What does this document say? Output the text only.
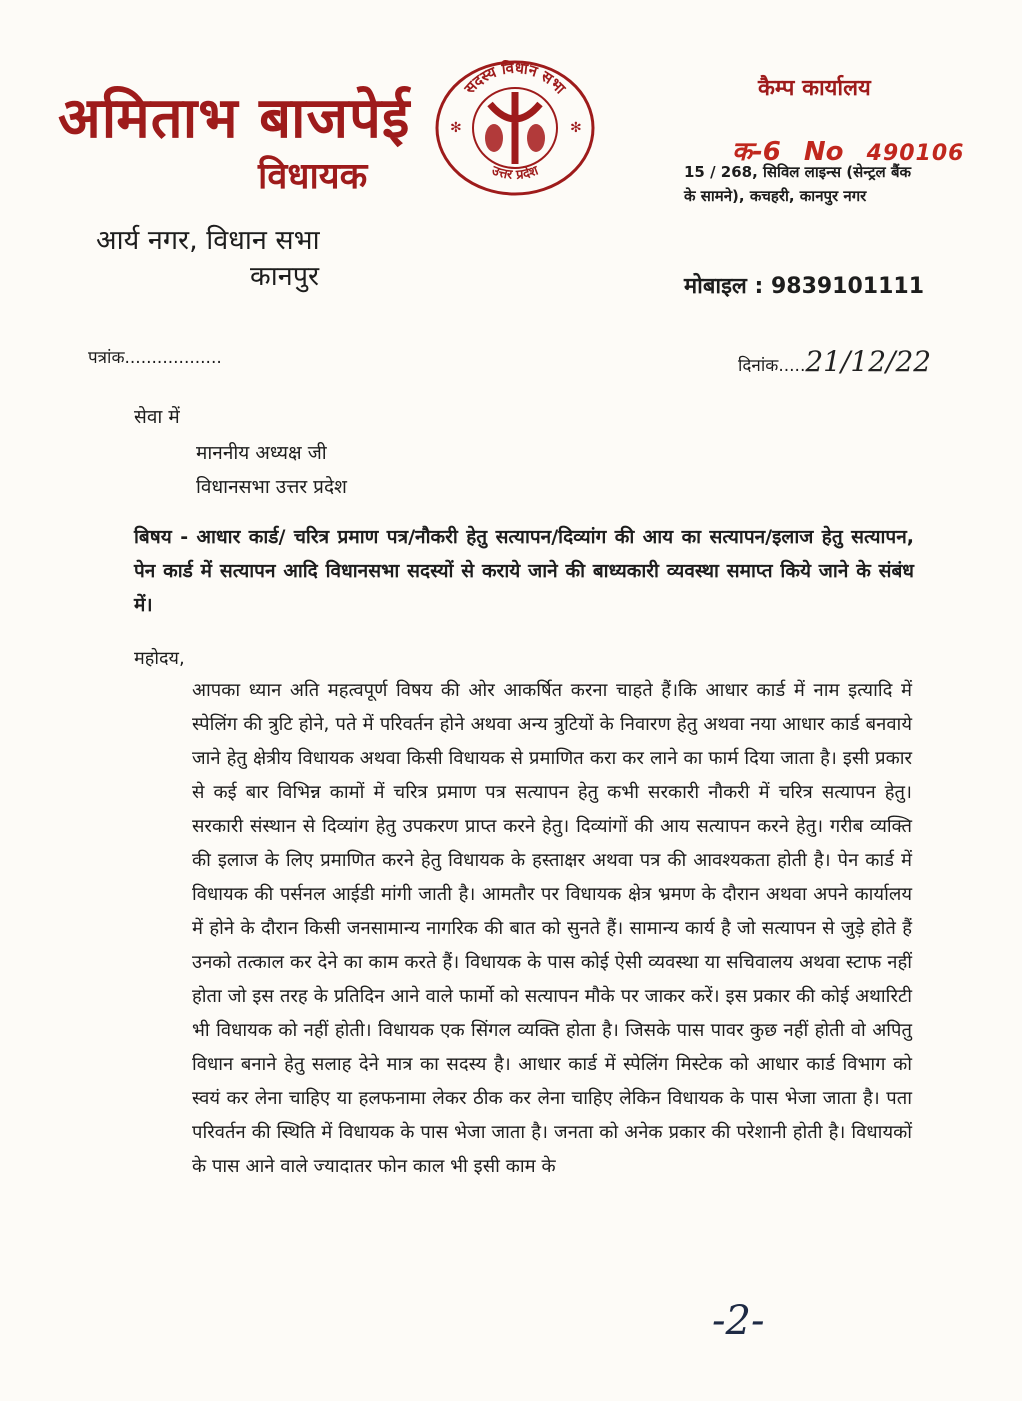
अमिताभ बाजपेई
विधायक
आर्य नगर, विधान सभा
कानपुर
सदस्य विधान सभा
उत्तर प्रदेश
✻	✻
कैम्प कार्यालय
क-6 No 490106
15 / 268, सिविल लाइन्स (सेन्ट्रल बैंक
के सामने), कचहरी, कानपुर नगर
मोबाइल : 9839101111
पत्रांक..................	दिनांक.....21/12/22
सेवा में
माननीय अध्यक्ष जी
विधानसभा उत्तर प्रदेश
बिषय - आधार कार्ड/ चरित्र प्रमाण पत्र/नौकरी हेतु सत्यापन/दिव्यांग की आय का सत्यापन/इलाज हेतु सत्यापन, पेन कार्ड में सत्यापन आदि विधानसभा सदस्यों से कराये जाने की बाध्यकारी व्यवस्था समाप्त किये जाने के संबंध में।
महोदय,
आपका ध्यान अति महत्वपूर्ण विषय की ओर आकर्षित करना चाहते हैं।कि आधार कार्ड में नाम इत्यादि में स्पेलिंग की त्रुटि होने, पते में परिवर्तन होने अथवा अन्य त्रुटियों के निवारण हेतु अथवा नया आधार कार्ड बनवाये जाने हेतु क्षेत्रीय विधायक अथवा किसी विधायक से प्रमाणित करा कर लाने का फार्म दिया जाता है। इसी प्रकार से कई बार विभिन्न कामों में चरित्र प्रमाण पत्र सत्यापन हेतु कभी सरकारी नौकरी में चरित्र सत्यापन हेतु। सरकारी संस्थान से दिव्यांग हेतु उपकरण प्राप्त करने हेतु। दिव्यांगों की आय सत्यापन करने हेतु। गरीब व्यक्ति की इलाज के लिए प्रमाणित करने हेतु विधायक के हस्ताक्षर अथवा पत्र की आवश्यकता होती है। पेन कार्ड में विधायक की पर्सनल आईडी मांगी जाती है। आमतौर पर विधायक क्षेत्र भ्रमण के दौरान अथवा अपने कार्यालय में होने के दौरान किसी जनसामान्य नागरिक की बात को सुनते हैं। सामान्य कार्य है जो सत्यापन से जुड़े होते हैं उनको तत्काल कर देने का काम करते हैं। विधायक के पास कोई ऐसी व्यवस्था या सचिवालय अथवा स्टाफ नहीं होता जो इस तरह के प्रतिदिन आने वाले फार्मो को सत्यापन मौके पर जाकर करें। इस प्रकार की कोई अथारिटी भी विधायक को नहीं होती। विधायक एक सिंगल व्यक्ति होता है। जिसके पास पावर कुछ नहीं होती वो अपितु विधान बनाने हेतु सलाह देने मात्र का सदस्य है। आधार कार्ड में स्पेलिंग मिस्टेक को आधार कार्ड विभाग को स्वयं कर लेना चाहिए या हलफनामा लेकर ठीक कर लेना चाहिए लेकिन विधायक के पास भेजा जाता है। पता परिवर्तन की स्थिति में विधायक के पास भेजा जाता है। जनता को अनेक प्रकार की परेशानी होती है। विधायकों के पास आने वाले ज्यादातर फोन काल भी इसी काम के
-2-
